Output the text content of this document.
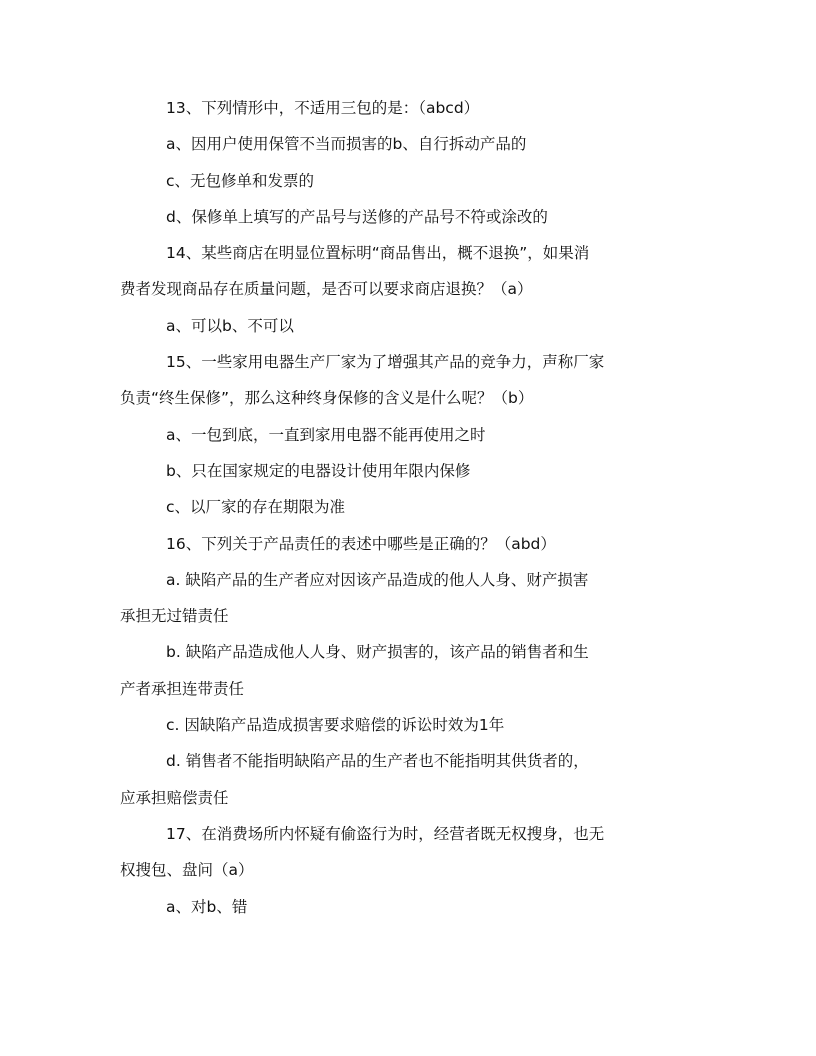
13、下列情形中，不适用三包的是：（abcd）
a、因用户使用保管不当而损害的b、自行拆动产品的
c、无包修单和发票的
d、保修单上填写的产品号与送修的产品号不符或涂改的
14、某些商店在明显位置标明“商品售出，概不退换”，如果消
费者发现商品存在质量问题，是否可以要求商店退换？（a）
a、可以b、不可以
15、一些家用电器生产厂家为了增强其产品的竞争力，声称厂家
负责“终生保修”，那么这种终身保修的含义是什么呢？（b）
a、一包到底，一直到家用电器不能再使用之时
b、只在国家规定的电器设计使用年限内保修
c、以厂家的存在期限为准
16、下列关于产品责任的表述中哪些是正确的？（abd）
a. 缺陷产品的生产者应对因该产品造成的他人人身、财产损害
承担无过错责任
b. 缺陷产品造成他人人身、财产损害的，该产品的销售者和生
产者承担连带责任
c. 因缺陷产品造成损害要求赔偿的诉讼时效为1年
d. 销售者不能指明缺陷产品的生产者也不能指明其供货者的，
应承担赔偿责任
17、在消费场所内怀疑有偷盗行为时，经营者既无权搜身，也无
权搜包、盘问（a）
a、对b、错
